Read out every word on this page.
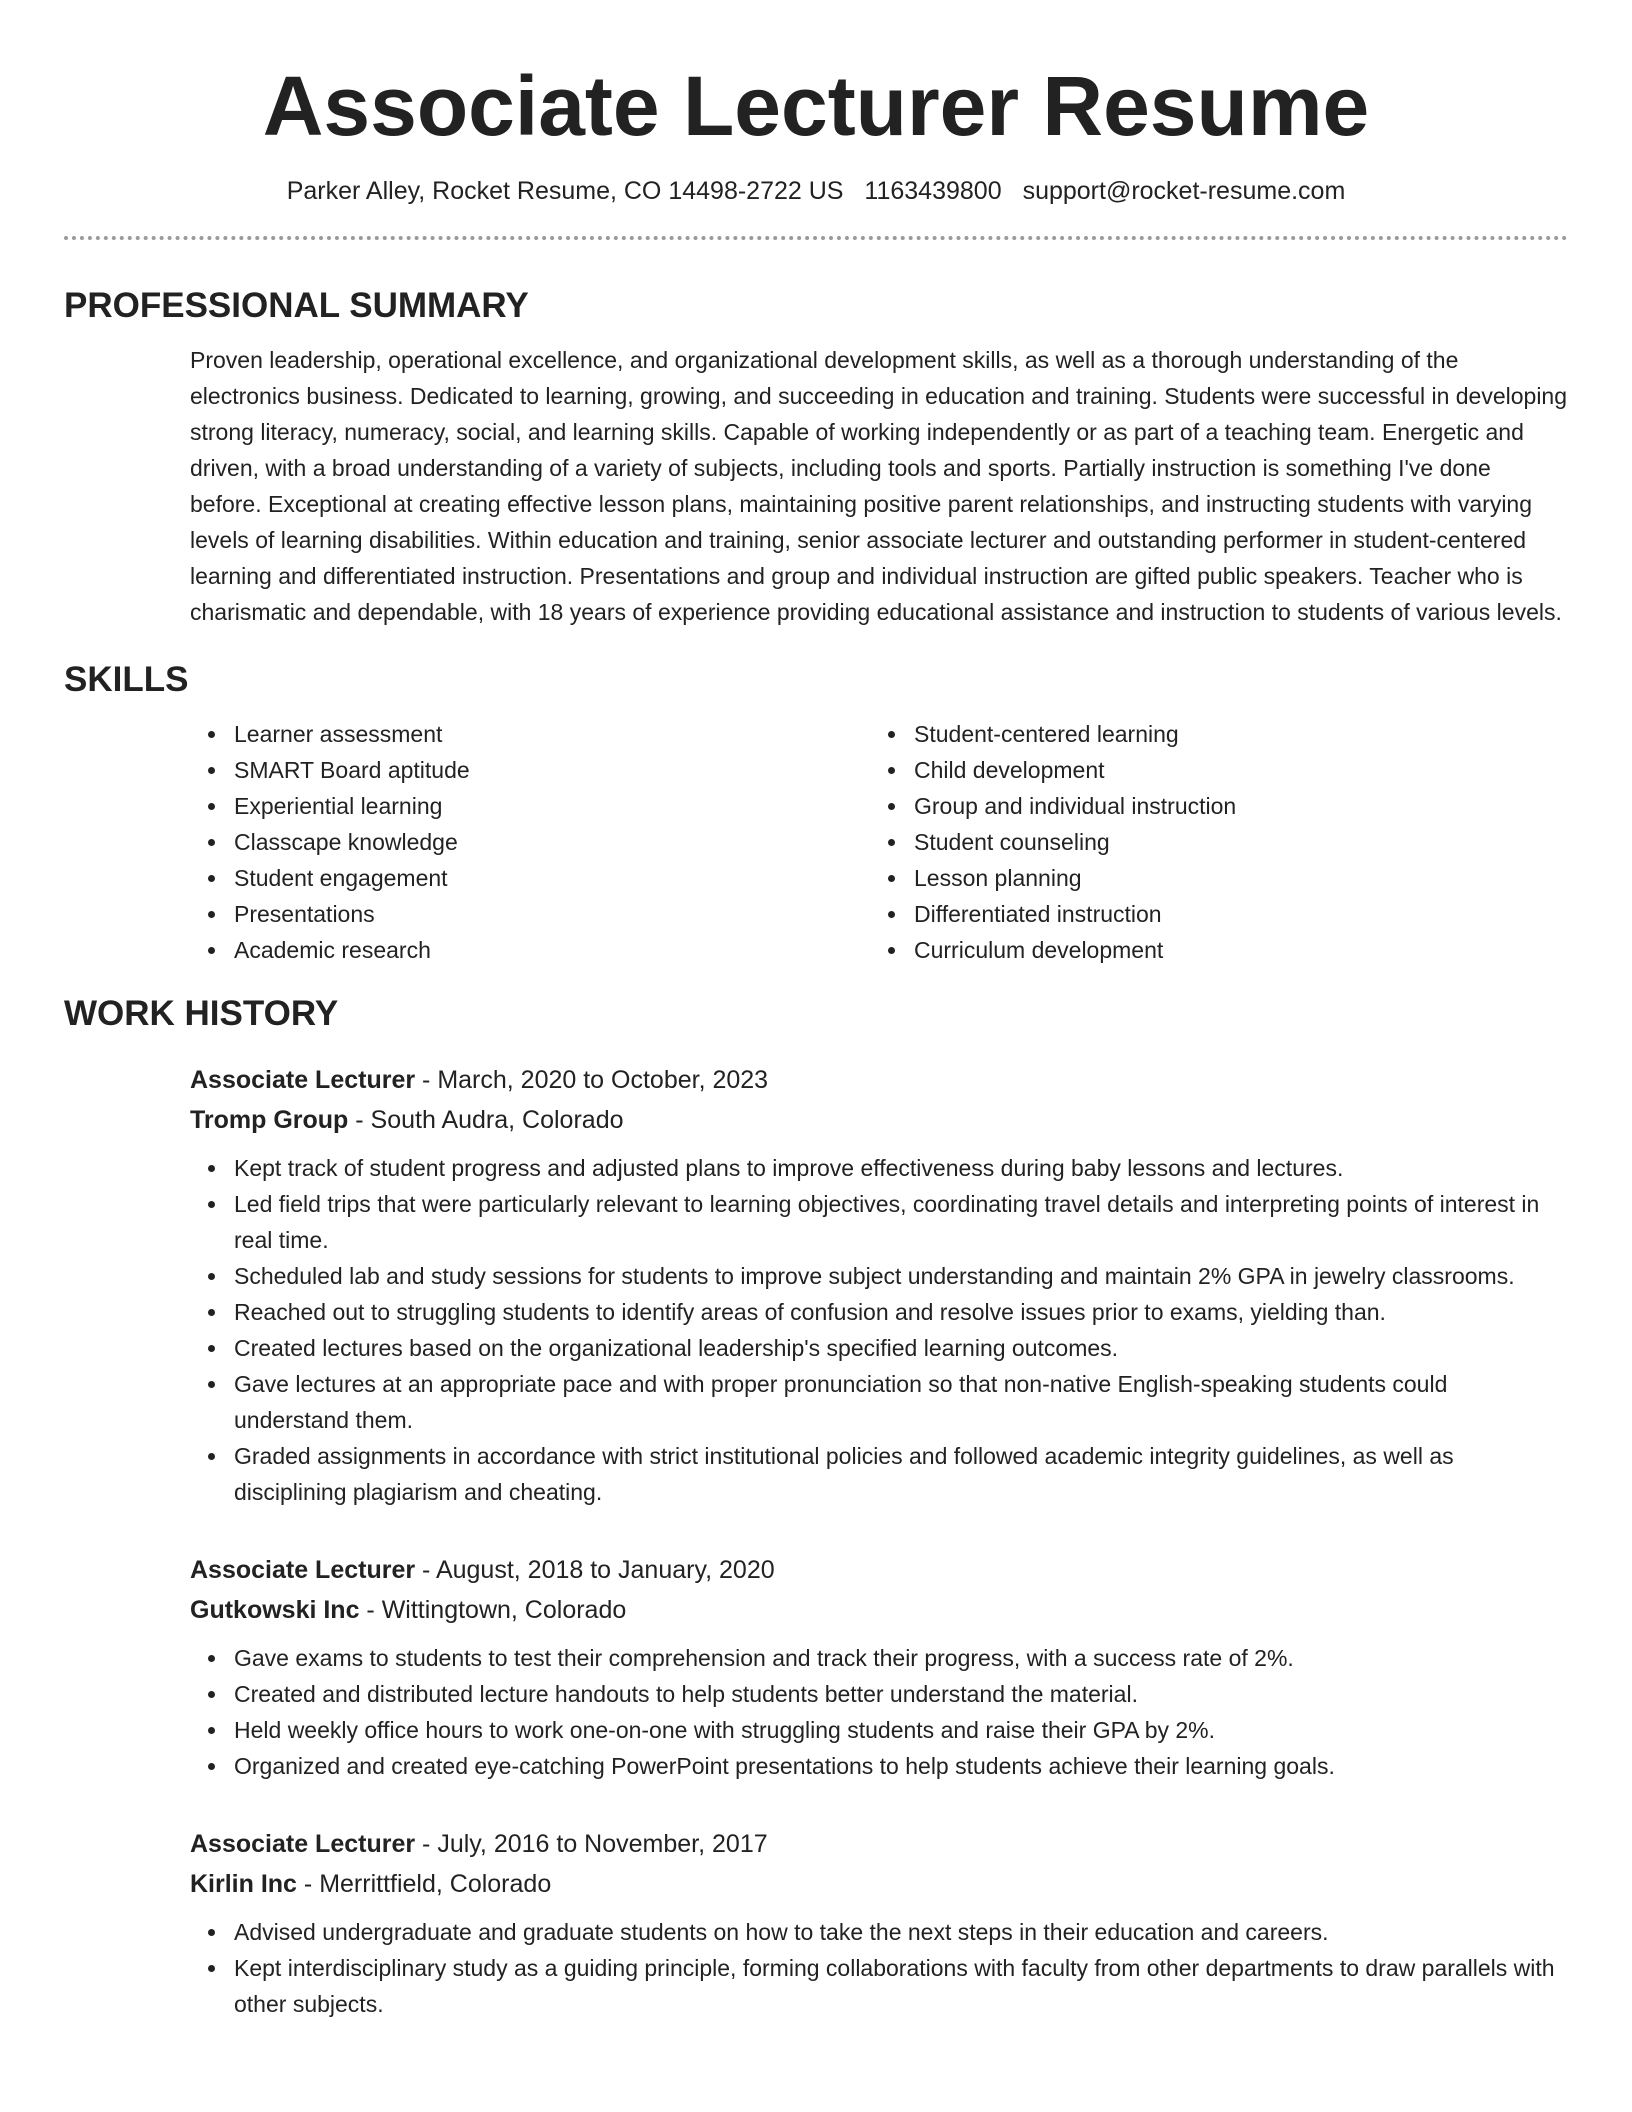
Associate Lecturer Resume
Parker Alley, Rocket Resume, CO 14498-2722 US 1163439800 support@rocket-resume.com
PROFESSIONAL SUMMARY

Proven leadership, operational excellence, and organizational development skills, as well as a thorough understanding of the electronics business. Dedicated to learning, growing, and succeeding in education and training. Students were successful in developing strong literacy, numeracy, social, and learning skills. Capable of working independently or as part of a teaching team. Energetic and driven, with a broad understanding of a variety of subjects, including tools and sports. Partially instruction is something I've done before. Exceptional at creating effective lesson plans, maintaining positive parent relationships, and instructing students with varying levels of learning disabilities. Within education and training, senior associate lecturer and outstanding performer in student-centered learning and differentiated instruction. Presentations and group and individual instruction are gifted public speakers. Teacher who is charismatic and dependable, with 18 years of experience providing educational assistance and instruction to students of various levels.

SKILLS
Learner assessment
SMART Board aptitude
Experiential learning
Classcape knowledge
Student engagement
Presentations
Academic research
Student-centered learning
Child development
Group and individual instruction
Student counseling
Lesson planning
Differentiated instruction
Curriculum development
WORK HISTORY
Associate Lecturer - March, 2020 to October, 2023
Tromp Group - South Audra, Colorado
Kept track of student progress and adjusted plans to improve effectiveness during baby lessons and lectures.
Led field trips that were particularly relevant to learning objectives, coordinating travel details and interpreting points of interest in real time.
Scheduled lab and study sessions for students to improve subject understanding and maintain 2% GPA in jewelry classrooms.
Reached out to struggling students to identify areas of confusion and resolve issues prior to exams, yielding than.
Created lectures based on the organizational leadership's specified learning outcomes.
Gave lectures at an appropriate pace and with proper pronunciation so that non-native English-speaking students could understand them.
Graded assignments in accordance with strict institutional policies and followed academic integrity guidelines, as well as disciplining plagiarism and cheating.
Associate Lecturer - August, 2018 to January, 2020
Gutkowski Inc - Wittingtown, Colorado
Gave exams to students to test their comprehension and track their progress, with a success rate of 2%.
Created and distributed lecture handouts to help students better understand the material.
Held weekly office hours to work one-on-one with struggling students and raise their GPA by 2%.
Organized and created eye-catching PowerPoint presentations to help students achieve their learning goals.
Associate Lecturer - July, 2016 to November, 2017
Kirlin Inc - Merrittfield, Colorado
Advised undergraduate and graduate students on how to take the next steps in their education and careers.
Kept interdisciplinary study as a guiding principle, forming collaborations with faculty from other departments to draw parallels with other subjects.
